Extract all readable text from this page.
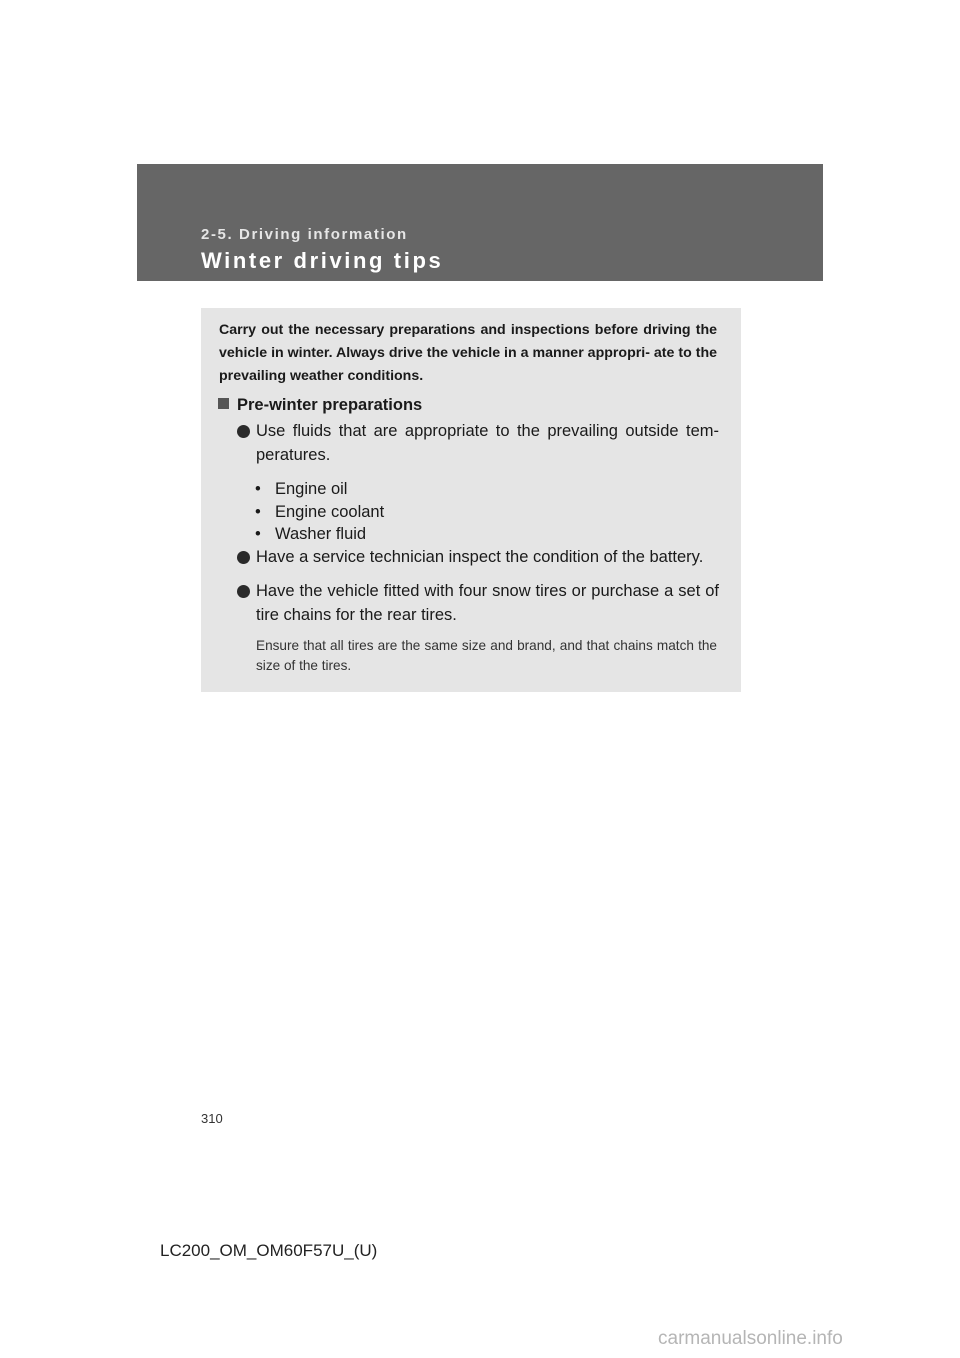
2-5. Driving information
Winter driving tips
Carry out the necessary preparations and inspections before driving the vehicle in winter. Always drive the vehicle in a manner appropri- ate to the prevailing weather conditions.
Pre-winter preparations
Use fluids that are appropriate to the prevailing outside tem- peratures.
• Engine oil
• Engine coolant
• Washer fluid
Have a service technician inspect the condition of the battery.
Have the vehicle fitted with four snow tires or purchase a set of tire chains for the rear tires.
Ensure that all tires are the same size and brand, and that chains match the size of the tires.
310
LC200_OM_OM60F57U_(U)
carmanualsonline.info
